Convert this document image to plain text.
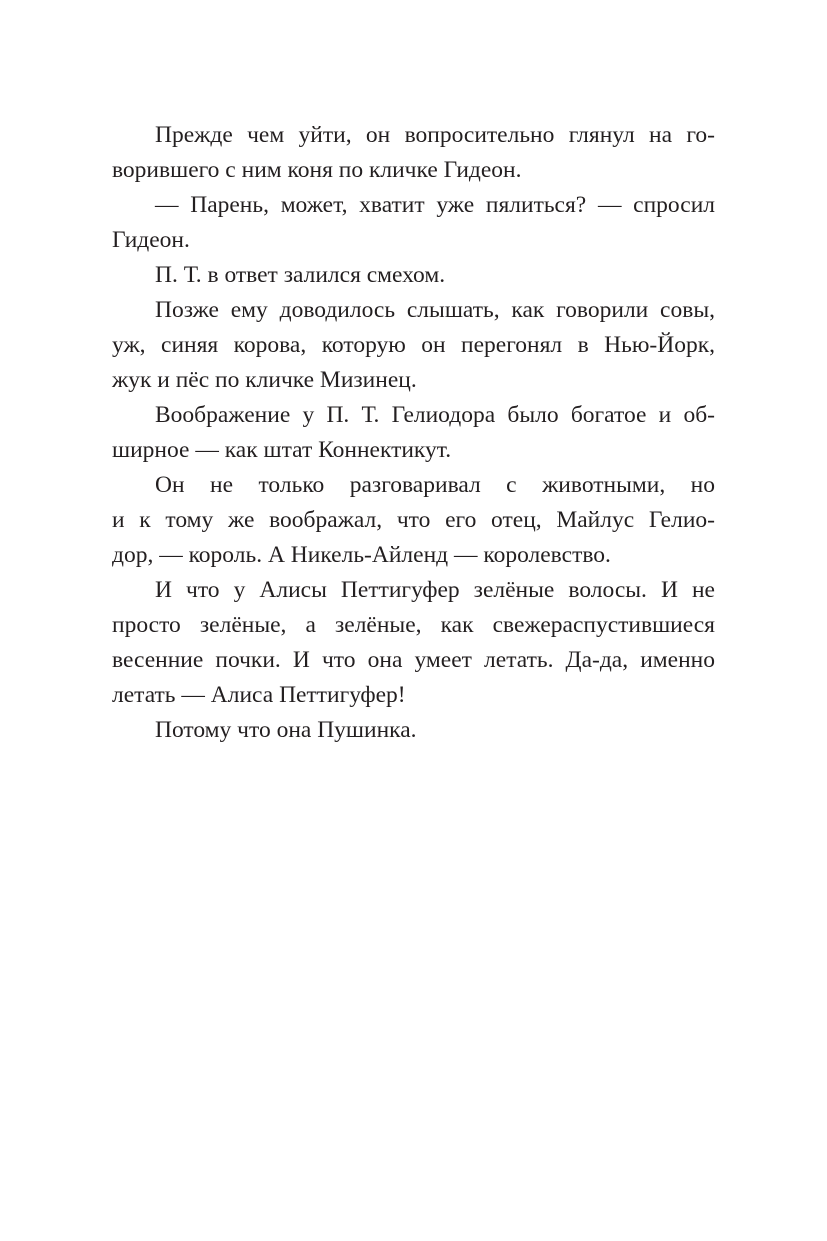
Прежде чем уйти, он вопросительно глянул на го-
ворившего с ним коня по кличке Гидеон.

— Парень, может, хватит уже пялиться? — спросил
Гидеон.

П. Т. в ответ залился смехом.

Позже ему доводилось слышать, как говорили совы,
уж, синяя корова, которую он перегонял в Нью-Йорк,
жук и пёс по кличке Мизинец.

Воображение у П. Т. Гелиодора было богатое и об-
ширное — как штат Коннектикут.

Он не только разговаривал с животными, но
и к тому же воображал, что его отец, Майлус Гелио-
дор, — король. А Никель-Айленд — королевство.

И что у Алисы Петтигуфер зелёные волосы. И не
просто зелёные, а зелёные, как свежераспустившиеся
весенние почки. И что она умеет летать. Да-да, именно
летать — Алиса Петтигуфер!

Потому что она Пушинка.
